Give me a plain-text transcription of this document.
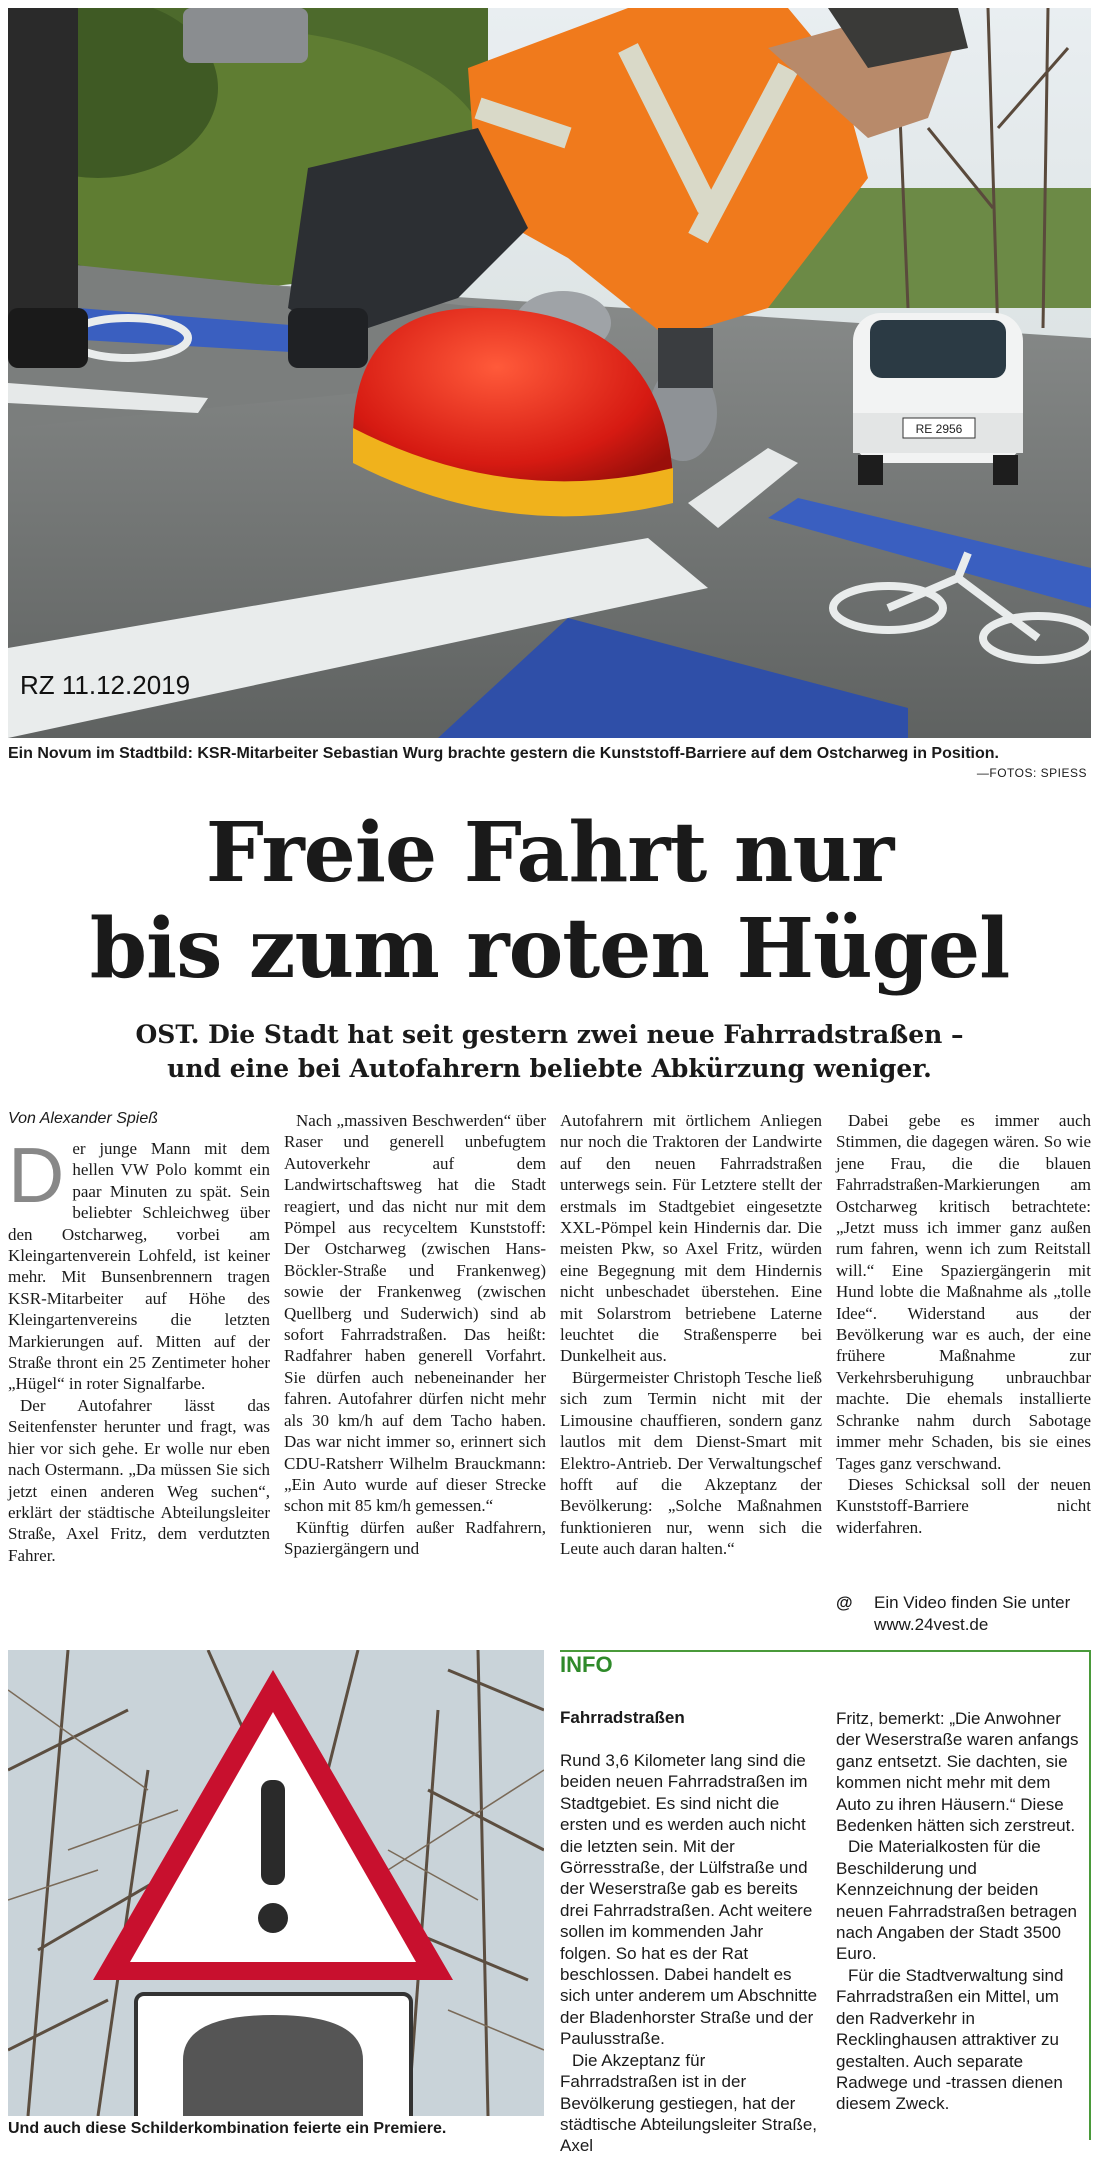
RE 2956
RZ 11.12.2019
Ein Novum im Stadtbild: KSR-Mitarbeiter Sebastian Wurg brachte gestern die Kunststoff-Barriere auf dem Ostcharweg in Position.
—FOTOS: SPIESS
Freie Fahrt nur
bis zum roten Hügel
OST. Die Stadt hat seit gestern zwei neue Fahrradstraßen –
und eine bei Autofahrern beliebte Abkürzung weniger.
Von Alexander Spieß
D er junge Mann mit dem hellen VW Polo kommt ein paar Minuten zu spät. Sein beliebter Schleichweg über den Ostcharweg, vorbei am Kleingartenverein Lohfeld, ist keiner mehr. Mit Bunsenbrennern tragen KSR-Mitarbeiter auf Höhe des Kleingartenvereins die letzten Markierungen auf. Mitten auf der Straße thront ein 25 Zentimeter hoher „Hügel“ in roter Signalfarbe.

Der Autofahrer lässt das Seitenfenster herunter und fragt, was hier vor sich gehe. Er wolle nur eben nach Ostermann. „Da müssen Sie sich jetzt einen anderen Weg suchen“, erklärt der städtische Abteilungsleiter Straße, Axel Fritz, dem verdutzten Fahrer.

Nach „massiven Beschwerden“ über Raser und generell unbefugtem Autoverkehr auf dem Landwirtschaftsweg hat die Stadt reagiert, und das nicht nur mit dem Pömpel aus recyceltem Kunststoff: Der Ostcharweg (zwischen Hans-Böckler-Straße und Frankenweg) sowie der Frankenweg (zwischen Quellberg und Suderwich) sind ab sofort Fahrradstraßen. Das heißt: Radfahrer haben generell Vorfahrt. Sie dürfen auch nebeneinander her fahren. Autofahrer dürfen nicht mehr als 30 km/h auf dem Tacho haben. Das war nicht immer so, erinnert sich CDU-Ratsherr Wilhelm Brauckmann: „Ein Auto wurde auf dieser Strecke schon mit 85 km/h gemessen.“

Künftig dürfen außer Radfahrern, Spaziergängern und

Autofahrern mit örtlichem Anliegen nur noch die Traktoren der Landwirte auf den neuen Fahrradstraßen unterwegs sein. Für Letztere stellt der erstmals im Stadtgebiet eingesetzte XXL-Pömpel kein Hindernis dar. Die meisten Pkw, so Axel Fritz, würden eine Begegnung mit dem Hindernis nicht unbeschadet überstehen. Eine mit Solarstrom betriebene Laterne leuchtet die Straßensperre bei Dunkelheit aus.

Bürgermeister Christoph Tesche ließ sich zum Termin nicht mit der Limousine chauffieren, sondern ganz lautlos mit dem Dienst-Smart mit Elektro-Antrieb. Der Verwaltungschef hofft auf die Akzeptanz der Bevölkerung: „Solche Maßnahmen funktionieren nur, wenn sich die Leute auch daran halten.“

Dabei gebe es immer auch Stimmen, die dagegen wären. So wie jene Frau, die die blauen Fahrradstraßen-Markierungen am Ostcharweg kritisch betrachtete: „Jetzt muss ich immer ganz außen rum fahren, wenn ich zum Reitstall will.“ Eine Spaziergängerin mit Hund lobte die Maßnahme als „tolle Idee“. Widerstand aus der Bevölkerung war es auch, der eine frühere Maßnahme zur Verkehrsberuhigung unbrauchbar machte. Die ehemals installierte Schranke nahm durch Sabotage immer mehr Schaden, bis sie eines Tages ganz verschwand.

Dieses Schicksal soll der neuen Kunststoff-Barriere nicht widerfahren.

@ Ein Video finden Sie unter www.24vest.de
Und auch diese Schilderkombination feierte ein Premiere.
INFO
Fahrradstraßen

Rund 3,6 Kilometer lang sind die beiden neuen Fahrradstraßen im Stadtgebiet. Es sind nicht die ersten und es werden auch nicht die letzten sein. Mit der Görresstraße, der Lülfstraße und der Weserstraße gab es bereits drei Fahrradstraßen. Acht weitere sollen im kommenden Jahr folgen. So hat es der Rat beschlossen. Dabei handelt es sich unter anderem um Abschnitte der Bladenhorster Straße und der Paulusstraße.

Die Akzeptanz für Fahrradstraßen ist in der Bevölkerung gestiegen, hat der städtische Abteilungsleiter Straße, Axel

Fritz, bemerkt: „Die Anwohner der Weserstraße waren anfangs ganz entsetzt. Sie dachten, sie kommen nicht mehr mit dem Auto zu ihren Häusern.“ Diese Bedenken hätten sich zerstreut.

Die Materialkosten für die Beschilderung und Kennzeichnung der beiden neuen Fahrradstraßen betragen nach Angaben der Stadt 3500 Euro.

Für die Stadtverwaltung sind Fahrradstraßen ein Mittel, um den Radverkehr in Recklinghausen attraktiver zu gestalten. Auch separate Radwege und -trassen dienen diesem Zweck.
